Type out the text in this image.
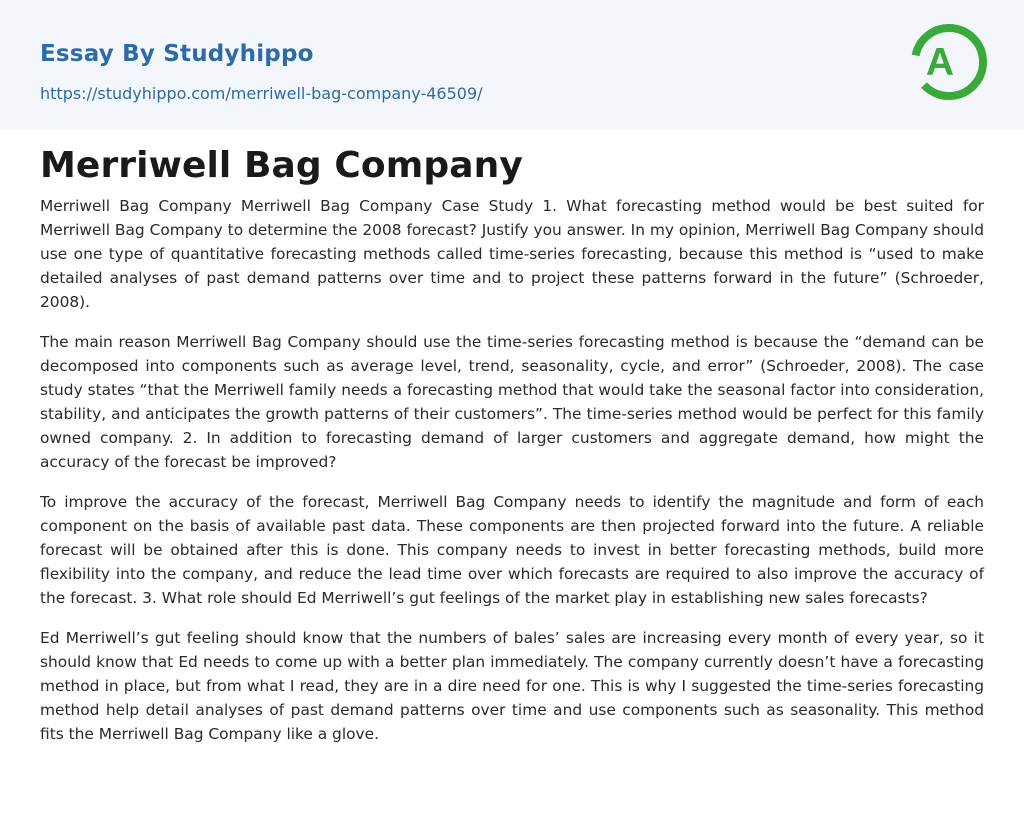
Essay By Studyhippo
https://studyhippo.com/merriwell-bag-company-46509/
A
Merriwell Bag Company

Merriwell Bag Company Merriwell Bag Company Case Study 1. What forecasting method would be best suited for Merriwell Bag Company to determine the 2008 forecast? Justify you answer. In my opinion, Merriwell Bag Company should use one type of quantitative forecasting methods called time-series forecasting, because this method is “used to make detailed analyses of past demand patterns over time and to project these patterns forward in the future” (Schroeder, 2008).

The main reason Merriwell Bag Company should use the time-series forecasting method is because the “demand can be decomposed into components such as average level, trend, seasonality, cycle, and error” (Schroeder, 2008). The case study states “that the Merriwell family needs a forecasting method that would take the seasonal factor into consideration, stability, and anticipates the growth patterns of their customers”. The time-series method would be perfect for this family owned company. 2. In addition to forecasting demand of larger customers and aggregate demand, how might the accuracy of the forecast be improved?

To improve the accuracy of the forecast, Merriwell Bag Company needs to identify the magnitude and form of each component on the basis of available past data. These components are then projected forward into the future. A reliable forecast will be obtained after this is done. This company needs to invest in better forecasting methods, build more flexibility into the company, and reduce the lead time over which forecasts are required to also improve the accuracy of the forecast. 3. What role should Ed Merriwell’s gut feelings of the market play in establishing new sales forecasts?

Ed Merriwell’s gut feeling should know that the numbers of bales’ sales are increasing every month of every year, so it should know that Ed needs to come up with a better plan immediately. The company currently doesn’t have a forecasting method in place, but from what I read, they are in a dire need for one. This is why I suggested the time-series forecasting method help detail analyses of past demand patterns over time and use components such as seasonality. This method fits the Merriwell Bag Company like a glove.
